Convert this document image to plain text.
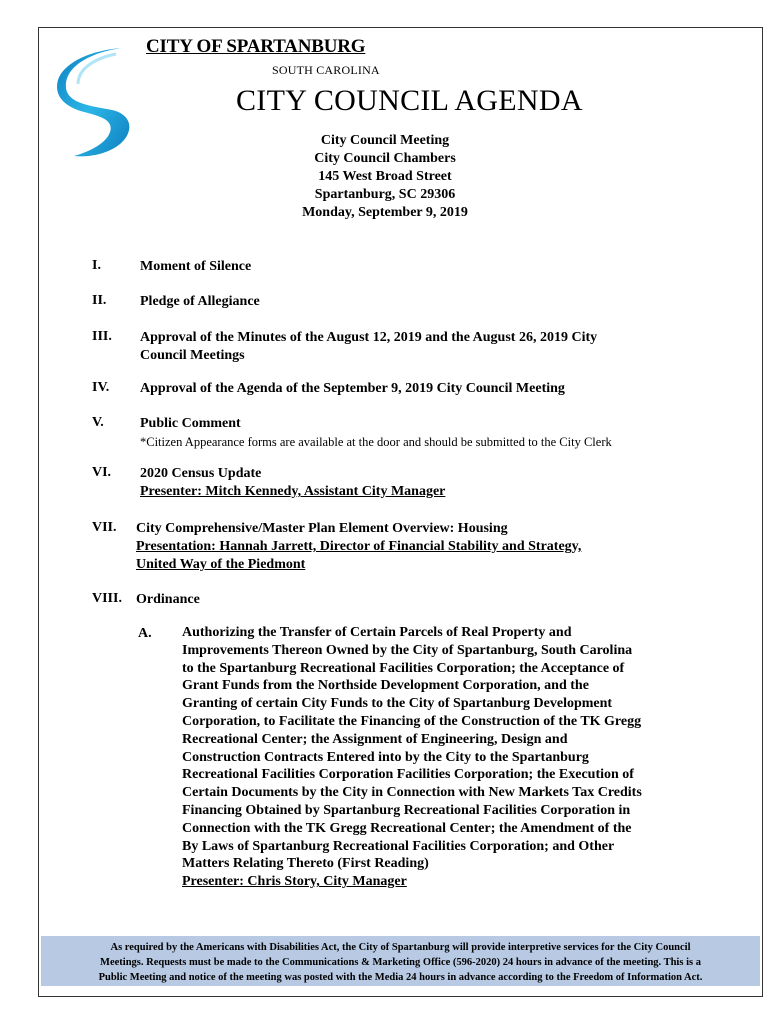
CITY OF SPARTANBURG
SOUTH CAROLINA
CITY COUNCIL AGENDA
City Council Meeting
City Council Chambers
145 West Broad Street
Spartanburg, SC 29306
Monday, September 9, 2019
I.	Moment of Silence
II. Pledge of Allegiance
III. Approval of the Minutes of the August 12, 2019 and the August 26, 2019 City
Council Meetings
IV. Approval of the Agenda of the September 9, 2019 City Council Meeting
V.	Public Comment
*Citizen Appearance forms are available at the door and should be submitted to the City Clerk
VI. 2020 Census Update
Presenter: Mitch Kennedy, Assistant City Manager
VII. City Comprehensive/Master Plan Element Overview: Housing
Presentation: Hannah Jarrett, Director of Financial Stability and Strategy,
United Way of the Piedmont
VIII. Ordinance
A. Authorizing the Transfer of Certain Parcels of Real Property and
Improvements Thereon Owned by the City of Spartanburg, South Carolina
to the Spartanburg Recreational Facilities Corporation; the Acceptance of
Grant Funds from the Northside Development Corporation, and the
Granting of certain City Funds to the City of Spartanburg Development
Corporation, to Facilitate the Financing of the Construction of the TK Gregg
Recreational Center; the Assignment of Engineering, Design and
Construction Contracts Entered into by the City to the Spartanburg
Recreational Facilities Corporation Facilities Corporation; the Execution of
Certain Documents by the City in Connection with New Markets Tax Credits
Financing Obtained by Spartanburg Recreational Facilities Corporation in
Connection with the TK Gregg Recreational Center; the Amendment of the
By Laws of Spartanburg Recreational Facilities Corporation; and Other
Matters Relating Thereto (First Reading)
Presenter: Chris Story, City Manager
As required by the Americans with Disabilities Act, the City of Spartanburg will provide interpretive services for the City Council
Meetings. Requests must be made to the Communications & Marketing Office (596-2020) 24 hours in advance of the meeting. This is a
Public Meeting and notice of the meeting was posted with the Media 24 hours in advance according to the Freedom of Information Act.
